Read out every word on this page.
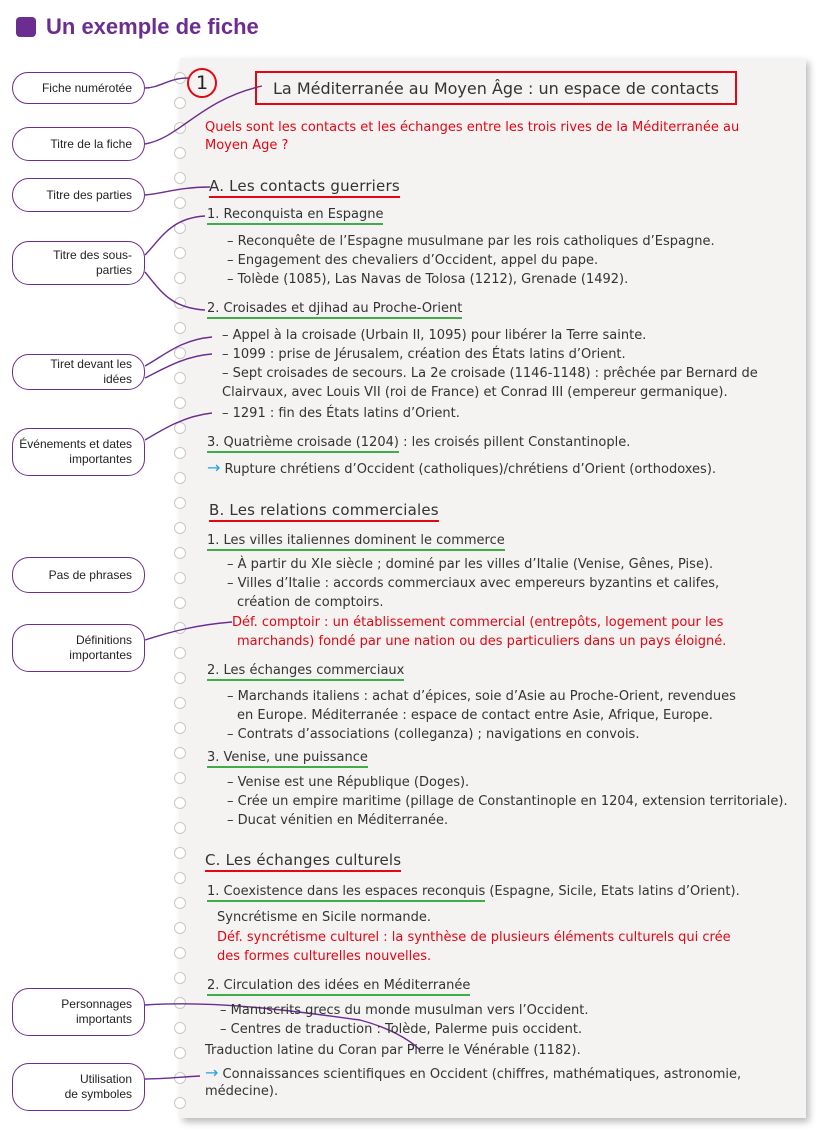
Un exemple de fiche
Fiche numérotée
Titre de la fiche
Titre des parties
Titre des sous-parties
Tiret devant les idées
Événements et dates
importantes
Pas de phrases
Définitions
importantes
Personnages
importants
Utilisation
de symboles
1	La Méditerranée au Moyen Âge : un espace de contacts
Quels sont les contacts et les échanges entre les trois rives de la Méditerranée au
Moyen Age ?
A. Les contacts guerriers
1. Reconquista en Espagne
– Reconquête de l’Espagne musulmane par les rois catholiques d’Espagne.
– Engagement des chevaliers d’Occident, appel du pape.
– Tolède (1085), Las Navas de Tolosa (1212), Grenade (1492).
2. Croisades et djihad au Proche-Orient
– Appel à la croisade (Urbain II, 1095) pour libérer la Terre sainte.
– 1099 : prise de Jérusalem, création des États latins d’Orient.
– Sept croisades de secours. La 2e croisade (1146-1148) : prêchée par Bernard de
Clairvaux, avec Louis VII (roi de France) et Conrad III (empereur germanique).
– 1291 : fin des États latins d’Orient.
3. Quatrième croisade (1204) : les croisés pillent Constantinople.
→ Rupture chrétiens d’Occident (catholiques)/chrétiens d’Orient (orthodoxes).
B. Les relations commerciales
1. Les villes italiennes dominent le commerce
– À partir du XIe siècle ; dominé par les villes d’Italie (Venise, Gênes, Pise).
– Villes d’Italie : accords commerciaux avec empereurs byzantins et califes,
création de comptoirs.
Déf. comptoir : un établissement commercial (entrepôts, logement pour les
marchands) fondé par une nation ou des particuliers dans un pays éloigné.
2. Les échanges commerciaux
– Marchands italiens : achat d’épices, soie d’Asie au Proche-Orient, revendues
en Europe. Méditerranée : espace de contact entre Asie, Afrique, Europe.
– Contrats d’associations (colleganza) ; navigations en convois.
3. Venise, une puissance
– Venise est une République (Doges).
– Crée un empire maritime (pillage de Constantinople en 1204, extension territoriale).
– Ducat vénitien en Méditerranée.
C. Les échanges culturels
1. Coexistence dans les espaces reconquis (Espagne, Sicile, Etats latins d’Orient).
Syncrétisme en Sicile normande.
Déf. syncrétisme culturel : la synthèse de plusieurs éléments culturels qui crée
des formes culturelles nouvelles.
2. Circulation des idées en Méditerranée
– Manuscrits grecs du monde musulman vers l’Occident.
– Centres de traduction : Tolède, Palerme puis occident.
Traduction latine du Coran par Pierre le Vénérable (1182).
→ Connaissances scientifiques en Occident (chiffres, mathématiques, astronomie,
médecine).
